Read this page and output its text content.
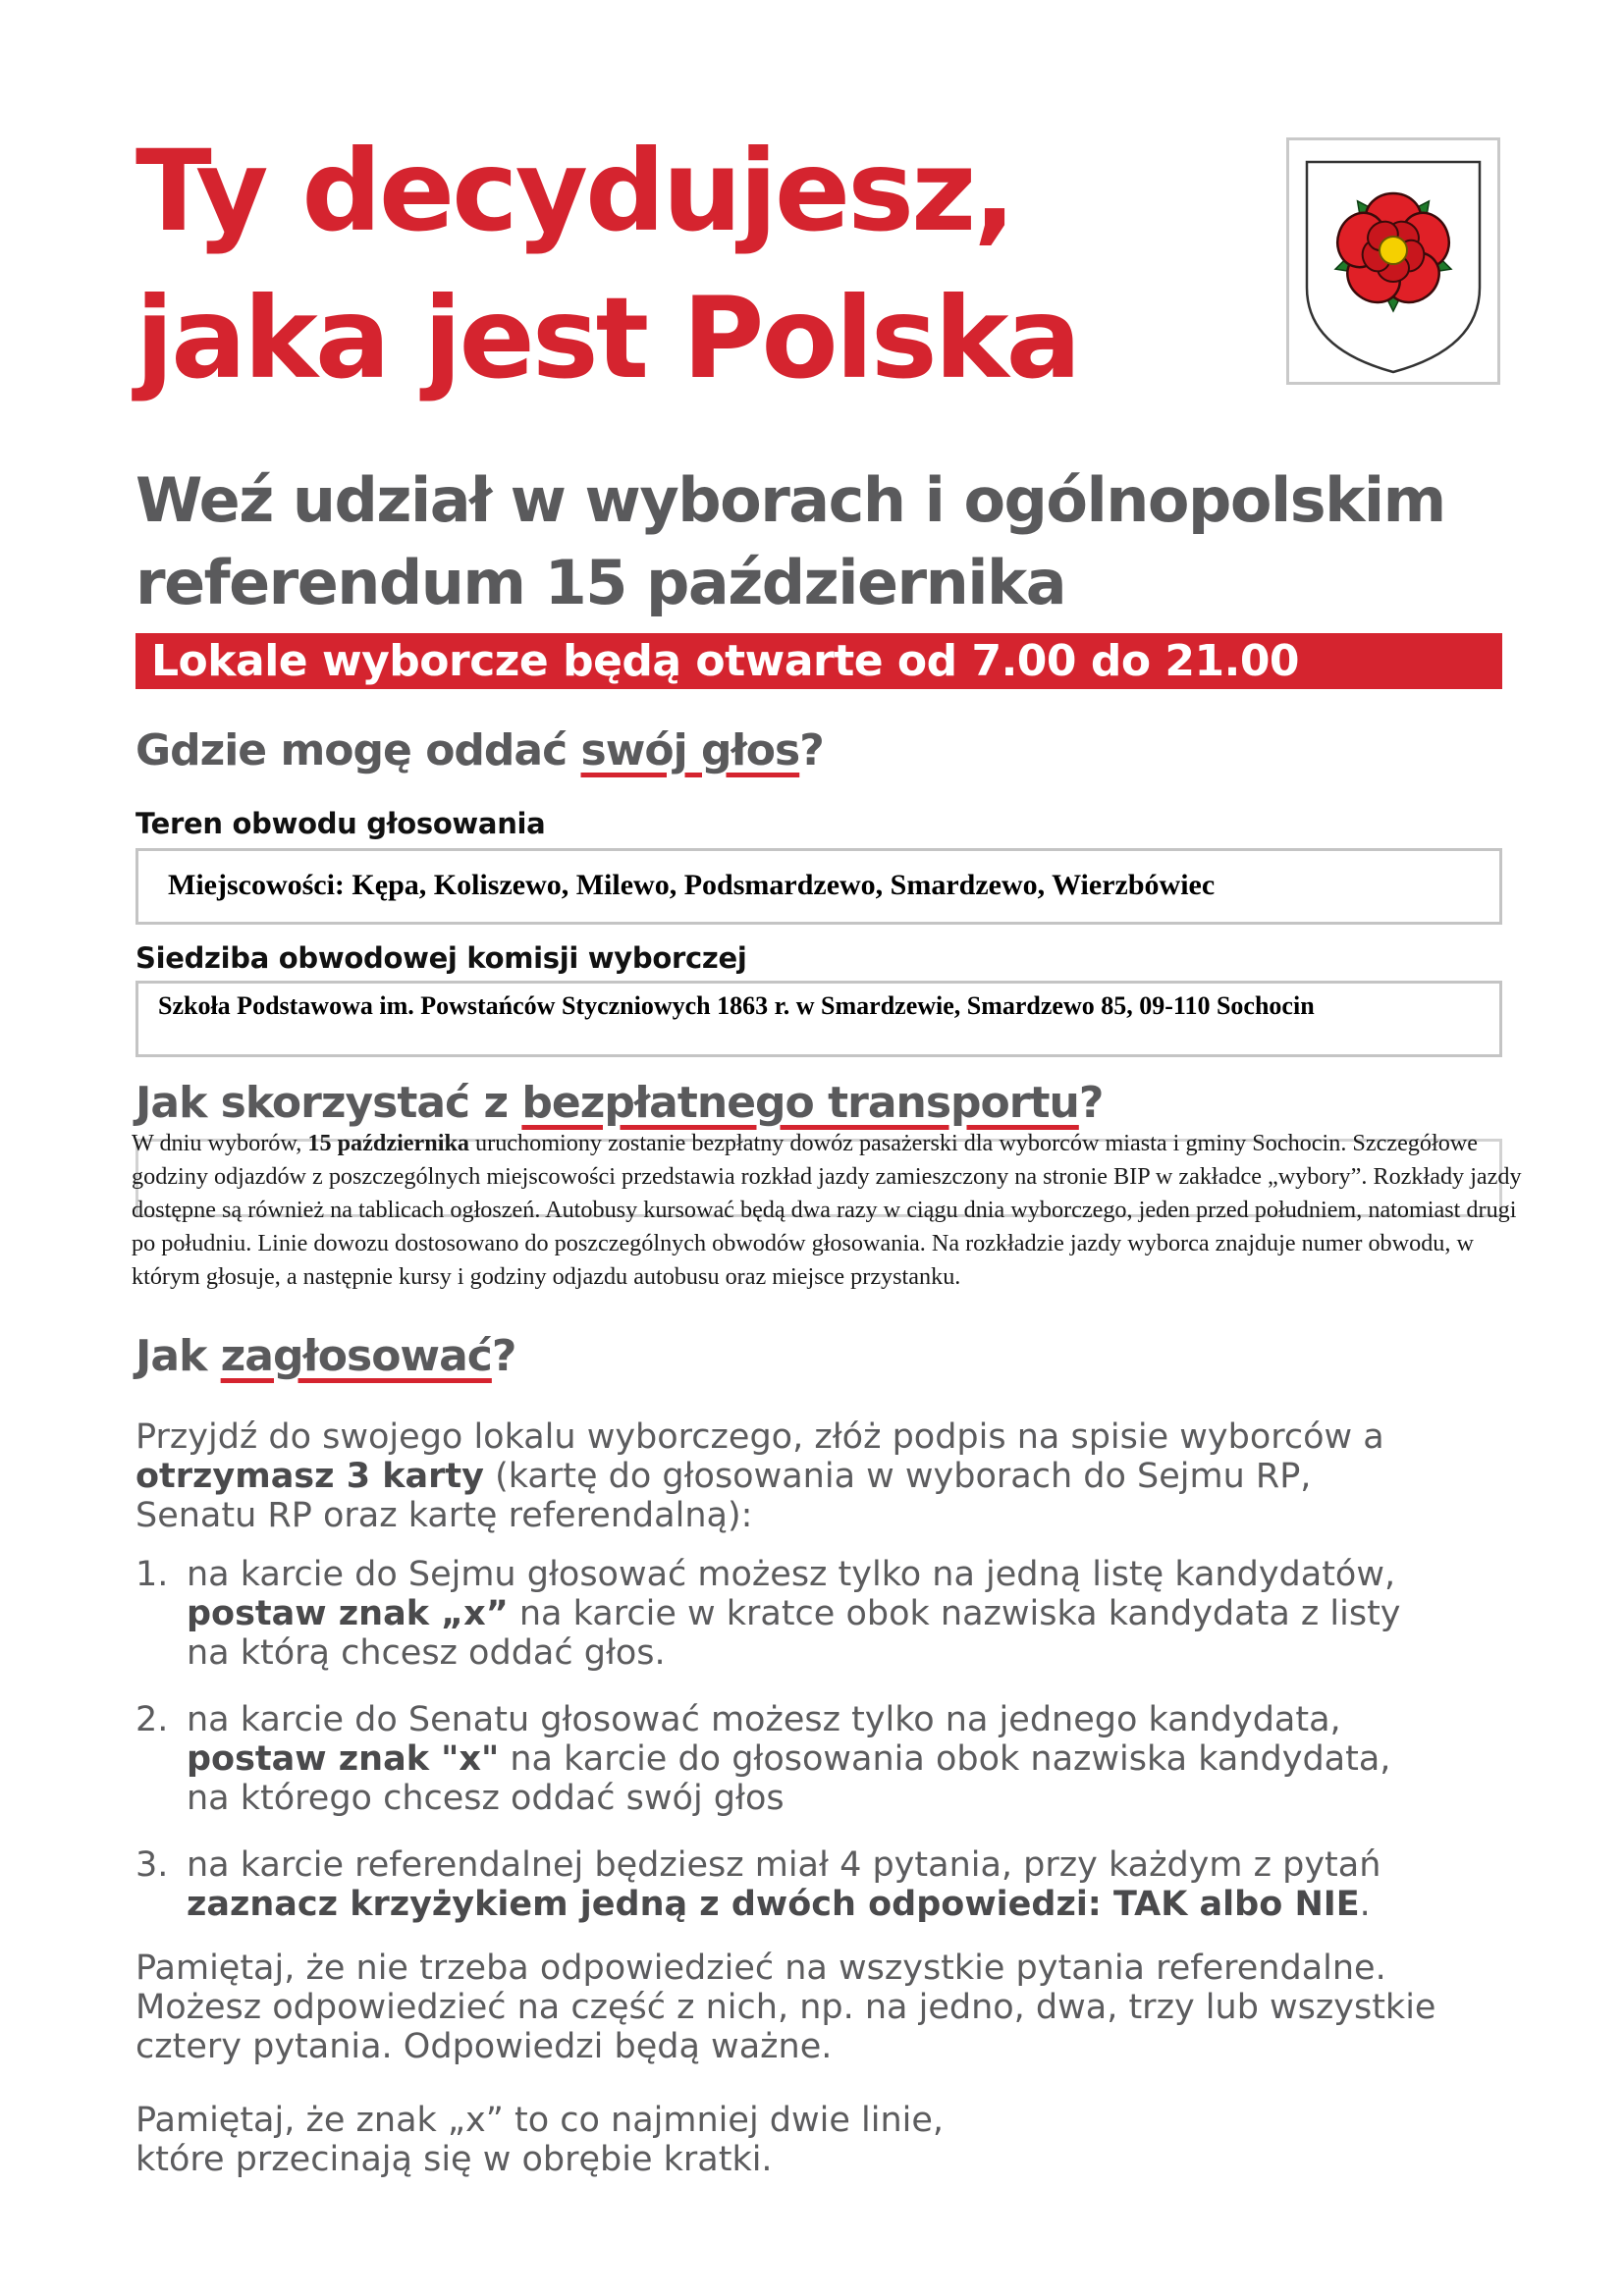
Ty decydujesz,
jaka jest Polska
Weź udział w wyborach i ogólnopolskim
referendum 15 października
Lokale wyborcze będą otwarte od 7.00 do 21.00
Gdzie mogę oddać swój głos?

Teren obwodu głosowania

Miejscowości: Kępa, Koliszewo, Milewo, Podsmardzewo, Smardzewo, Wierzbówiec

Siedziba obwodowej komisji wyborczej

Szkoła Podstawowa im. Powstańców Styczniowych 1863 r. w Smardzewie, Smardzewo 85, 09-110 Sochocin
Jak skorzystać z bezpłatnego transportu?

W dniu wyborów, 15 października uruchomiony zostanie bezpłatny dowóz pasażerski dla wyborców miasta i gminy Sochocin. Szczegółowe godziny odjazdów z poszczególnych miejscowości przedstawia rozkład jazdy zamieszczony na stronie BIP w zakładce „wybory”. Rozkłady jazdy dostępne są również na tablicach ogłoszeń. Autobusy kursować będą dwa razy w ciągu dnia wyborczego, jeden przed południem, natomiast drugi po południu. Linie dowozu dostosowano do poszczególnych obwodów głosowania. Na rozkładzie jazdy wyborca znajduje numer obwodu, w którym głosuje, a następnie kursy i godziny odjazdu autobusu oraz miejsce przystanku.

Jak zagłosować?

Przyjdź do swojego lokalu wyborczego, złóż podpis na spisie wyborców a otrzymasz 3 karty (kartę do głosowania w wyborach do Sejmu RP, Senatu RP oraz kartę referendalną):

1. na karcie do Sejmu głosować możesz tylko na jedną listę kandydatów, postaw znak „x” na karcie w kratce obok nazwiska kandydata z listy na którą chcesz oddać głos.
2. na karcie do Senatu głosować możesz tylko na jednego kandydata, postaw znak "x" na karcie do głosowania obok nazwiska kandydata, na którego chcesz oddać swój głos
3. na karcie referendalnej będziesz miał 4 pytania, przy każdym z pytań zaznacz krzyżykiem jedną z dwóch odpowiedzi: TAK albo NIE.

Pamiętaj, że nie trzeba odpowiedzieć na wszystkie pytania referendalne. Możesz odpowiedzieć na część z nich, np. na jedno, dwa, trzy lub wszystkie cztery pytania. Odpowiedzi będą ważne.

Pamiętaj, że znak „x” to co najmniej dwie linie, które przecinają się w obrębie kratki.
